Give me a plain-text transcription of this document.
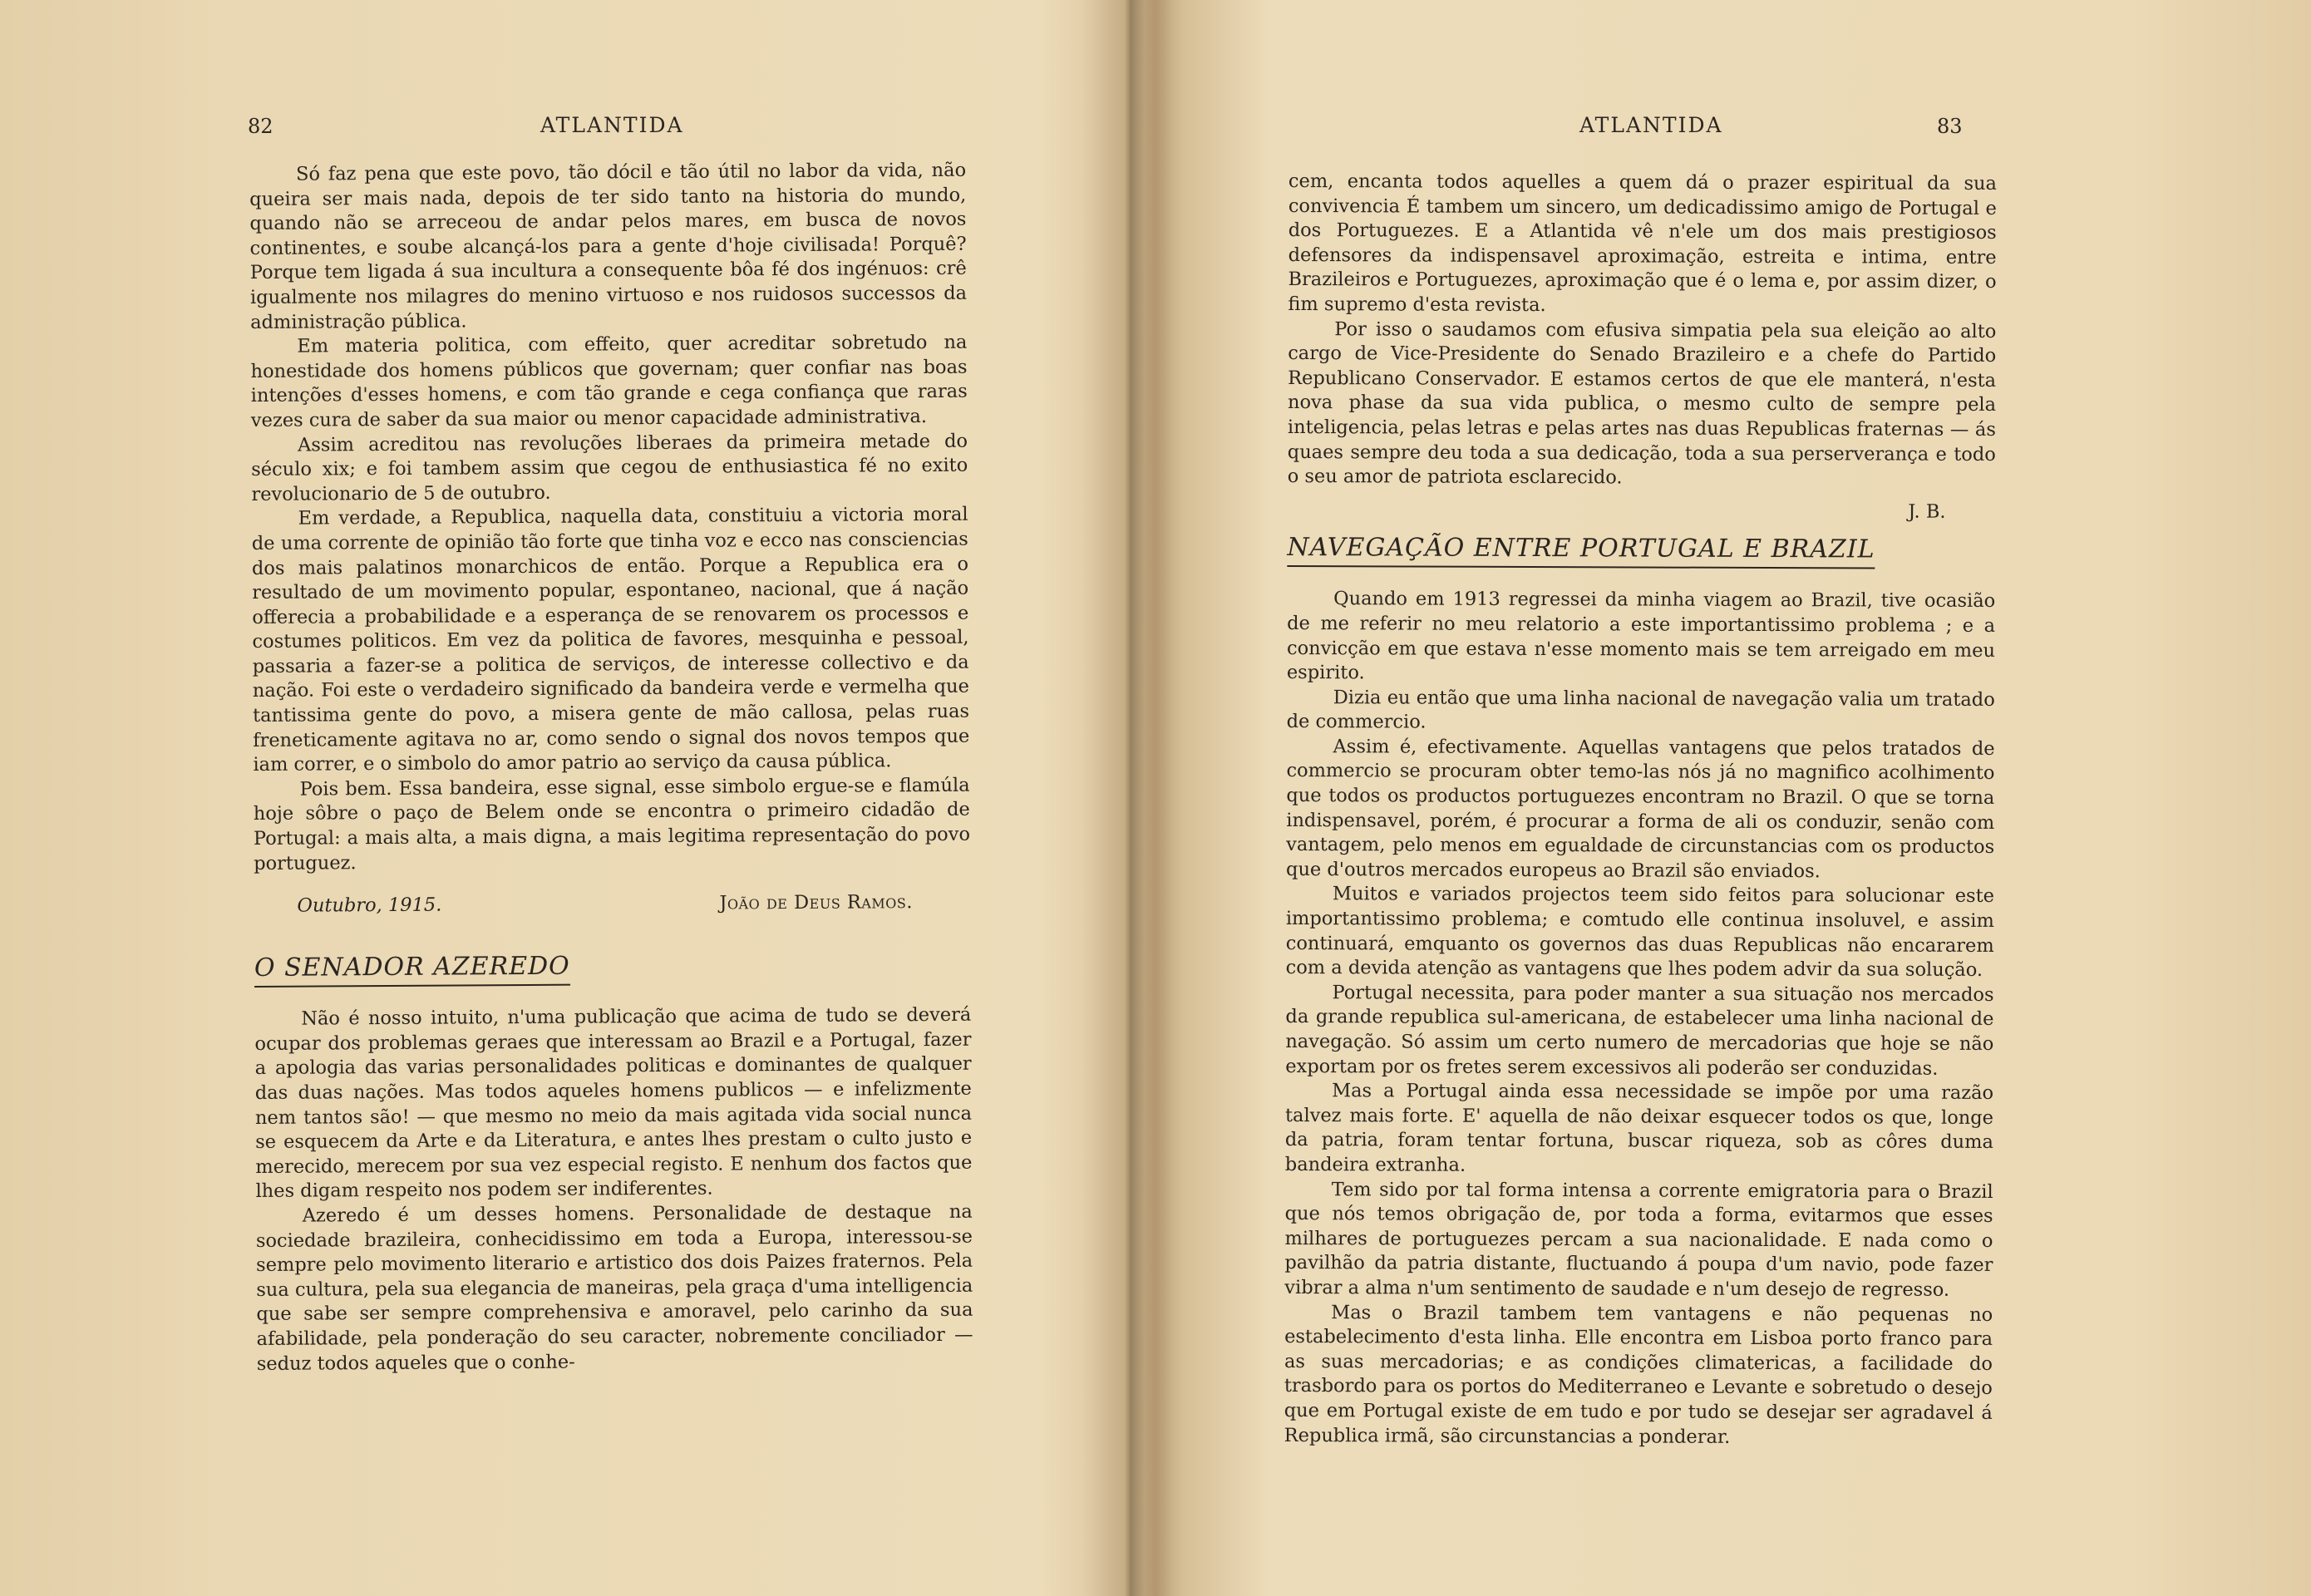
82	ATLANTIDA

Só faz pena que este povo, tão dócil e tão útil no labor da vida, não queira ser mais nada, depois de ter sido tanto na historia do mundo, quando não se arreceou de andar pelos mares, em busca de novos continentes, e soube alcançá-los para a gente d'hoje civilisada! Porquê? Porque tem ligada á sua incultura a consequente bôa fé dos ingénuos: crê igualmente nos milagres do menino virtuoso e nos ruidosos successos da administração pública.

Em materia politica, com effeito, quer acreditar sobretudo na honestidade dos homens públicos que governam; quer confiar nas boas intenções d'esses homens, e com tão grande e cega confiança que raras vezes cura de saber da sua maior ou menor capacidade administrativa.

Assim acreditou nas revoluções liberaes da primeira metade do século xix; e foi tambem assim que cegou de enthusiastica fé no exito revolucionario de 5 de outubro.

Em verdade, a Republica, naquella data, constituiu a victoria moral de uma corrente de opinião tão forte que tinha voz e ecco nas consciencias dos mais palatinos monarchicos de então. Porque a Republica era o resultado de um movimento popular, espontaneo, nacional, que á nação offerecia a probabilidade e a esperança de se renovarem os processos e costumes politicos. Em vez da politica de favores, mesquinha e pessoal, passaria a fazer-se a politica de serviços, de interesse collectivo e da nação. Foi este o verdadeiro significado da bandeira verde e vermelha que tantissima gente do povo, a misera gente de mão callosa, pelas ruas freneticamente agitava no ar, como sendo o signal dos novos tempos que iam correr, e o simbolo do amor patrio ao serviço da causa pública.

Pois bem. Essa bandeira, esse signal, esse simbolo ergue-se e flamúla hoje sôbre o paço de Belem onde se encontra o primeiro cidadão de Portugal: a mais alta, a mais digna, a mais legitima representação do povo portuguez.

Outubro, 1915.	João de Deus Ramos.
O SENADOR AZEREDO

Não é nosso intuito, n'uma publicação que acima de tudo se deverá ocupar dos problemas geraes que interessam ao Brazil e a Portugal, fazer a apologia das varias personalidades politicas e dominantes de qualquer das duas nações. Mas todos aqueles homens publicos — e infelizmente nem tantos são! — que mesmo no meio da mais agitada vida social nunca se esquecem da Arte e da Literatura, e antes lhes prestam o culto justo e merecido, merecem por sua vez especial registo. E nenhum dos factos que lhes digam respeito nos podem ser indiferentes.

Azeredo é um desses homens. Personalidade de destaque na sociedade brazileira, conhecidissimo em toda a Europa, interessou-se sempre pelo movimento literario e artistico dos dois Paizes fraternos. Pela sua cultura, pela sua elegancia de maneiras, pela graça d'uma intelligencia que sabe ser sempre comprehensiva e amoravel, pelo carinho da sua afabilidade, pela ponderação do seu caracter, nobremente conciliador — seduz todos aqueles que o conhe-

ATLANTIDA	83

cem, encanta todos aquelles a quem dá o prazer espiritual da sua convivencia É tambem um sincero, um dedicadissimo amigo de Portugal e dos Portuguezes. E a Atlantida vê n'ele um dos mais prestigiosos defensores da indispensavel aproximação, estreita e intima, entre Brazileiros e Portuguezes, aproximação que é o lema e, por assim dizer, o fim supremo d'esta revista.

Por isso o saudamos com efusiva simpatia pela sua eleição ao alto cargo de Vice-Presidente do Senado Brazileiro e a chefe do Partido Republicano Conservador. E estamos certos de que ele manterá, n'esta nova phase da sua vida publica, o mesmo culto de sempre pela inteligencia, pelas letras e pelas artes nas duas Republicas fraternas — ás quaes sempre deu toda a sua dedicação, toda a sua perserverança e todo o seu amor de patriota esclarecido.

J. B.
NAVEGAÇÃO ENTRE PORTUGAL E BRAZIL

Quando em 1913 regressei da minha viagem ao Brazil, tive ocasião de me referir no meu relatorio a este importantissimo problema ; e a convicção em que estava n'esse momento mais se tem arreigado em meu espirito.

Dizia eu então que uma linha nacional de navegação valia um tratado de commercio.

Assim é, efectivamente. Aquellas vantagens que pelos tratados de commercio se procuram obter temo-las nós já no magnifico acolhimento que todos os productos portuguezes encontram no Brazil. O que se torna indispensavel, porém, é procurar a forma de ali os conduzir, senão com vantagem, pelo menos em egualdade de circunstancias com os productos que d'outros mercados europeus ao Brazil são enviados.

Muitos e variados projectos teem sido feitos para solucionar este importantissimo problema; e comtudo elle continua insoluvel, e assim continuará, emquanto os governos das duas Republicas não encararem com a devida atenção as vantagens que lhes podem advir da sua solução.

Portugal necessita, para poder manter a sua situação nos mercados da grande republica sul-americana, de estabelecer uma linha nacional de navegação. Só assim um certo numero de mercadorias que hoje se não exportam por os fretes serem excessivos ali poderão ser conduzidas.

Mas a Portugal ainda essa necessidade se impõe por uma razão talvez mais forte. E' aquella de não deixar esquecer todos os que, longe da patria, foram tentar fortuna, buscar riqueza, sob as côres duma bandeira extranha.

Tem sido por tal forma intensa a corrente emigratoria para o Brazil que nós temos obrigação de, por toda a forma, evitarmos que esses milhares de portuguezes percam a sua nacionalidade. E nada como o pavilhão da patria distante, fluctuando á poupa d'um navio, pode fazer vibrar a alma n'um sentimento de saudade e n'um desejo de regresso.

Mas o Brazil tambem tem vantagens e não pequenas no estabelecimento d'esta linha. Elle encontra em Lisboa porto franco para as suas mercadorias; e as condições climatericas, a facilidade do trasbordo para os portos do Mediterraneo e Levante e sobretudo o desejo que em Portugal existe de em tudo e por tudo se desejar ser agradavel á Republica irmã, são circunstancias a ponderar.
